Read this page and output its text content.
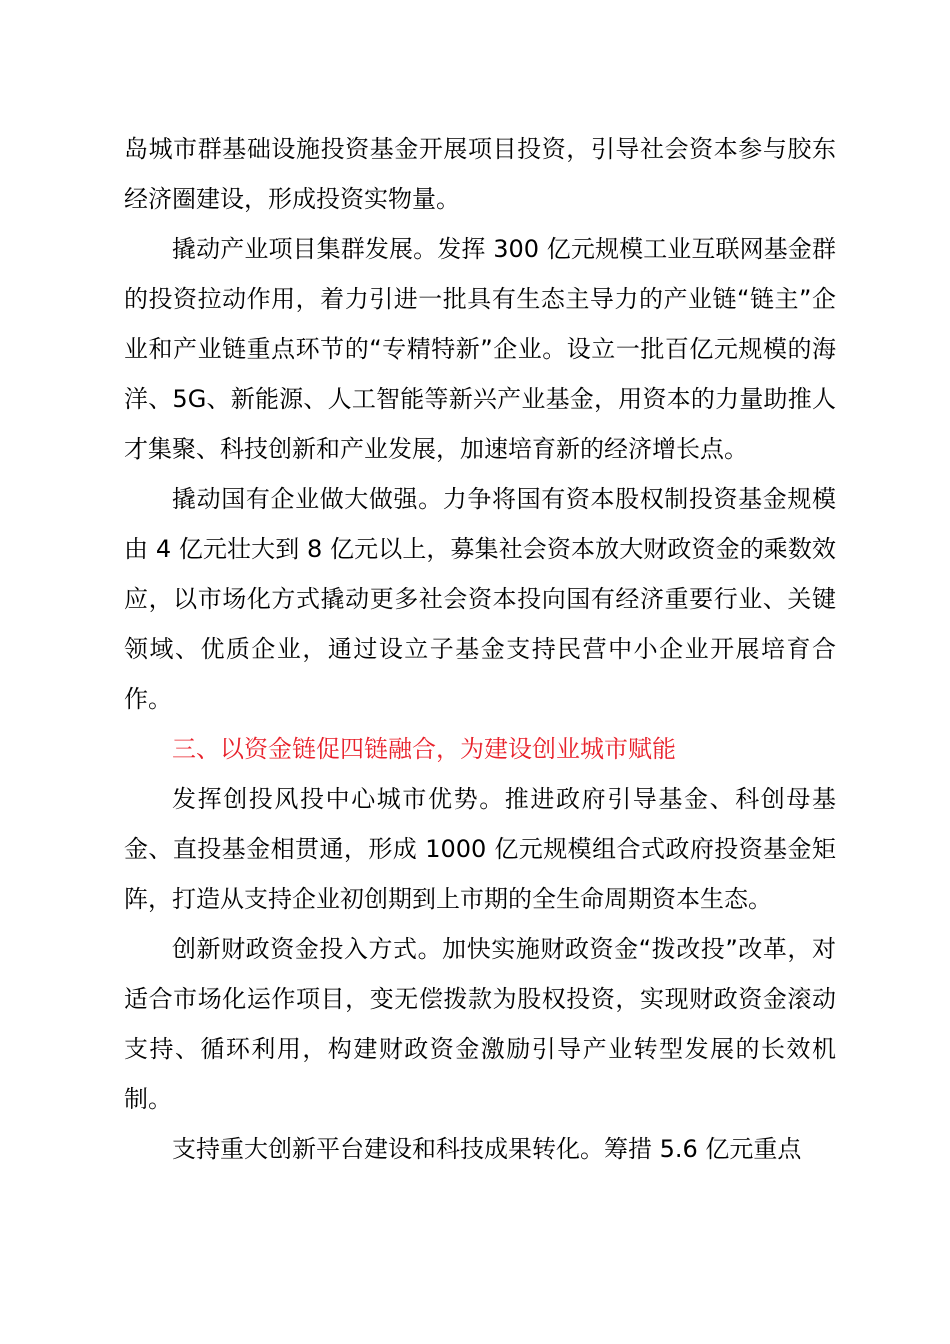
岛城市群基础设施投资基金开展项目投资，引导社会资本参与胶东经济圈建设，形成投资实物量。

撬动产业项目集群发展。发挥 300 亿元规模工业互联网基金群的投资拉动作用，着力引进一批具有生态主导力的产业链“链主”企业和产业链重点环节的“专精特新”企业。设立一批百亿元规模的海洋、5G、新能源、人工智能等新兴产业基金，用资本的力量助推人才集聚、科技创新和产业发展，加速培育新的经济增长点。

撬动国有企业做大做强。力争将国有资本股权制投资基金规模由 4 亿元壮大到 8 亿元以上，募集社会资本放大财政资金的乘数效应，以市场化方式撬动更多社会资本投向国有经济重要行业、关键领域、优质企业，通过设立子基金支持民营中小企业开展培育合作。

三、以资金链促四链融合，为建设创业城市赋能

发挥创投风投中心城市优势。推进政府引导基金、科创母基金、直投基金相贯通，形成 1000 亿元规模组合式政府投资基金矩阵，打造从支持企业初创期到上市期的全生命周期资本生态。

创新财政资金投入方式。加快实施财政资金“拨改投”改革，对适合市场化运作项目，变无偿拨款为股权投资，实现财政资金滚动支持、循环利用，构建财政资金激励引导产业转型发展的长效机制。

支持重大创新平台建设和科技成果转化。筹措 5.6 亿元重点
